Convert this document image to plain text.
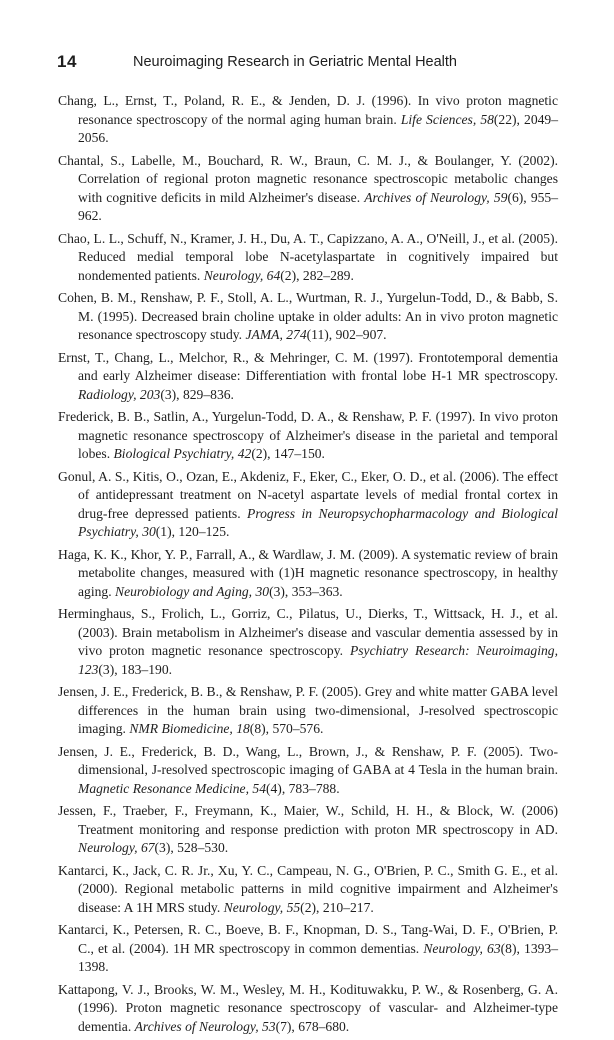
14	Neuroimaging Research in Geriatric Mental Health

Chang, L., Ernst, T., Poland, R. E., & Jenden, D. J. (1996). In vivo proton magnetic resonance spectroscopy of the normal aging human brain. Life Sciences, 58(22), 2049–2056.

Chantal, S., Labelle, M., Bouchard, R. W., Braun, C. M. J., & Boulanger, Y. (2002). Correlation of regional proton magnetic resonance spectroscopic metabolic changes with cognitive deficits in mild Alzheimer's disease. Archives of Neurology, 59(6), 955–962.

Chao, L. L., Schuff, N., Kramer, J. H., Du, A. T., Capizzano, A. A., O'Neill, J., et al. (2005). Reduced medial temporal lobe N-acetylaspartate in cognitively impaired but nondemented patients. Neurology, 64(2), 282–289.

Cohen, B. M., Renshaw, P. F., Stoll, A. L., Wurtman, R. J., Yurgelun-Todd, D., & Babb, S. M. (1995). Decreased brain choline uptake in older adults: An in vivo proton magnetic resonance spectroscopy study. JAMA, 274(11), 902–907.

Ernst, T., Chang, L., Melchor, R., & Mehringer, C. M. (1997). Frontotemporal dementia and early Alzheimer disease: Differentiation with frontal lobe H-1 MR spectroscopy. Radiology, 203(3), 829–836.

Frederick, B. B., Satlin, A., Yurgelun-Todd, D. A., & Renshaw, P. F. (1997). In vivo proton magnetic resonance spectroscopy of Alzheimer's disease in the parietal and temporal lobes. Biological Psychiatry, 42(2), 147–150.

Gonul, A. S., Kitis, O., Ozan, E., Akdeniz, F., Eker, C., Eker, O. D., et al. (2006). The effect of antidepressant treatment on N-acetyl aspartate levels of medial frontal cortex in drug-free depressed patients. Progress in Neuropsychopharmacology and Biological Psychiatry, 30(1), 120–125.

Haga, K. K., Khor, Y. P., Farrall, A., & Wardlaw, J. M. (2009). A systematic review of brain metabolite changes, measured with (1)H magnetic resonance spectroscopy, in healthy aging. Neurobiology and Aging, 30(3), 353–363.

Herminghaus, S., Frolich, L., Gorriz, C., Pilatus, U., Dierks, T., Wittsack, H. J., et al. (2003). Brain metabolism in Alzheimer's disease and vascular dementia assessed by in vivo proton magnetic resonance spectroscopy. Psychiatry Research: Neuroimaging, 123(3), 183–190.

Jensen, J. E., Frederick, B. B., & Renshaw, P. F. (2005). Grey and white matter GABA level differences in the human brain using two-dimensional, J-resolved spectroscopic imaging. NMR Biomedicine, 18(8), 570–576.

Jensen, J. E., Frederick, B. D., Wang, L., Brown, J., & Renshaw, P. F. (2005). Two-dimensional, J-resolved spectroscopic imaging of GABA at 4 Tesla in the human brain. Magnetic Resonance Medicine, 54(4), 783–788.

Jessen, F., Traeber, F., Freymann, K., Maier, W., Schild, H. H., & Block, W. (2006) Treatment monitoring and response prediction with proton MR spectroscopy in AD. Neurology, 67(3), 528–530.

Kantarci, K., Jack, C. R. Jr., Xu, Y. C., Campeau, N. G., O'Brien, P. C., Smith G. E., et al. (2000). Regional metabolic patterns in mild cognitive impairment and Alzheimer's disease: A 1H MRS study. Neurology, 55(2), 210–217.

Kantarci, K., Petersen, R. C., Boeve, B. F., Knopman, D. S., Tang-Wai, D. F., O'Brien, P. C., et al. (2004). 1H MR spectroscopy in common dementias. Neurology, 63(8), 1393–1398.

Kattapong, V. J., Brooks, W. M., Wesley, M. H., Kodituwakku, P. W., & Rosenberg, G. A. (1996). Proton magnetic resonance spectroscopy of vascular- and Alzheimer-type dementia. Archives of Neurology, 53(7), 678–680.
